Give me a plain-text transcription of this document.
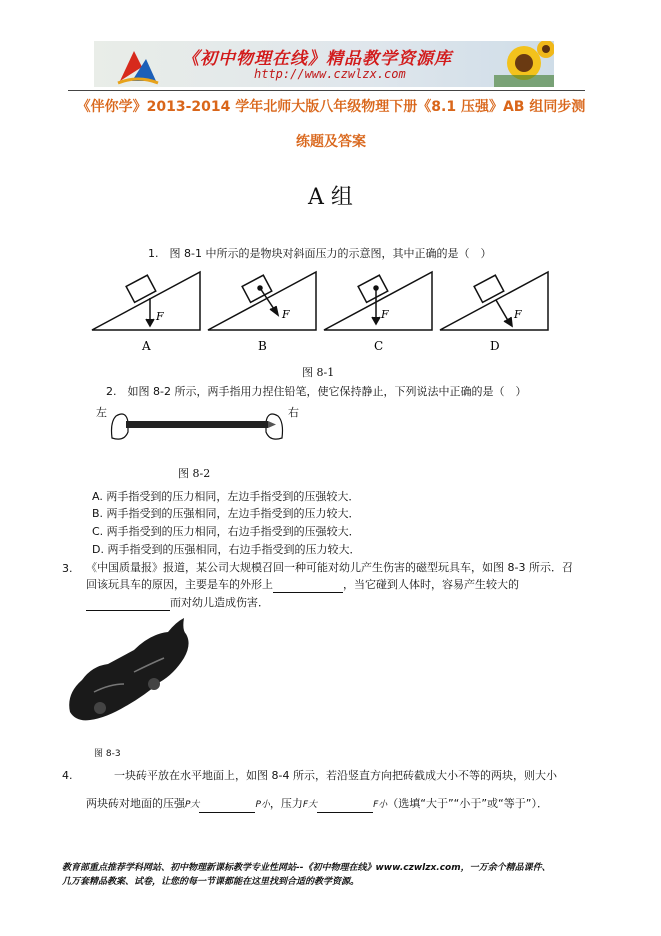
《初中物理在线》精品教学资源库
http://www.czwlzx.com
《伴你学》2013-2014 学年北师大版八年级物理下册《8.1 压强》AB 组同步测
练题及答案
A 组
1.　图 8-1 中所示的是物块对斜面压力的示意图，其中正确的是（　）
F	F	F	F
A	B	C	D
图 8-1
2.　如图 8-2 所示，两手指用力捏住铅笔，使它保持静止，下列说法中正确的是（　）
左	右
图 8-2
A. 两手指受到的压力相同，左边手指受到的压强较大．
B. 两手指受到的压强相同，左边手指受到的压力较大．
C. 两手指受到的压力相同，右边手指受到的压强较大．
D. 两手指受到的压强相同，右边手指受到的压力较大．
3. 《中国质量报》报道，某公司大规模召回一种可能对幼儿产生伤害的磁型玩具车，如图 8-3 所示．召
回该玩具车的原因，主要是车的外形上	，当它碰到人体时，容易产生较大的
而对幼儿造成伤害．
图 8-3
4.	一块砖平放在水平地面上，如图 8-4 所示，若沿竖直方向把砖截成大小不等的两块，则大小
两块砖对地面的压强P大	P小，压力F大	F小（选填“大于”“小于”或“等于”）．
教育部重点推荐学科网站、初中物理新课标教学专业性网站--《初中物理在线》www.czwlzx.com，一万余个精品课件、
几万套精品教案、试卷，让您的每一节课都能在这里找到合适的教学资源。
